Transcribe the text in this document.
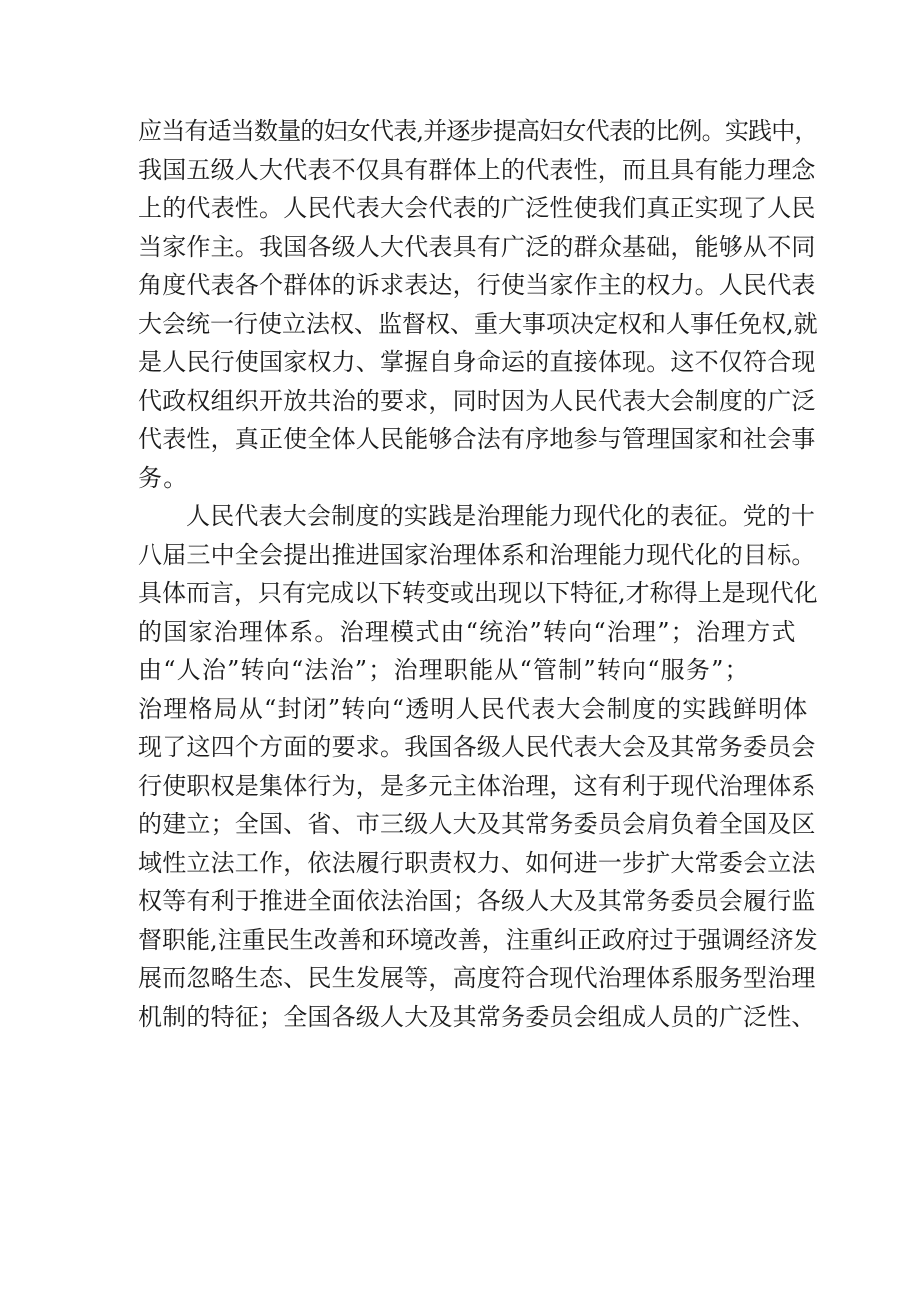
应当有适当数量的妇女代表,并逐步提高妇女代表的比例。实践中，
我国五级人大代表不仅具有群体上的代表性，而且具有能力理念
上的代表性。人民代表大会代表的广泛性使我们真正实现了人民
当家作主。我国各级人大代表具有广泛的群众基础，能够从不同
角度代表各个群体的诉求表达，行使当家作主的权力。人民代表
大会统一行使立法权、监督权、重大事项决定权和人事任免权,就
是人民行使国家权力、掌握自身命运的直接体现。这不仅符合现
代政权组织开放共治的要求，同时因为人民代表大会制度的广泛
代表性，真正使全体人民能够合法有序地参与管理国家和社会事
务。
人民代表大会制度的实践是治理能力现代化的表征。党的十
八届三中全会提出推进国家治理体系和治理能力现代化的目标。
具体而言，只有完成以下转变或出现以下特征,才称得上是现代化
的国家治理体系。治理模式由“统治”转向“治理”；治理方式
由“人治”转向“法治”；治理职能从“管制”转向“服务”；
治理格局从“封闭”转向“透明人民代表大会制度的实践鲜明体
现了这四个方面的要求。我国各级人民代表大会及其常务委员会
行使职权是集体行为，是多元主体治理，这有利于现代治理体系
的建立；全国、省、市三级人大及其常务委员会肩负着全国及区
域性立法工作，依法履行职责权力、如何进一步扩大常委会立法
权等有利于推进全面依法治国；各级人大及其常务委员会履行监
督职能,注重民生改善和环境改善，注重纠正政府过于强调经济发
展而忽略生态、民生发展等，高度符合现代治理体系服务型治理
机制的特征；全国各级人大及其常务委员会组成人员的广泛性、
